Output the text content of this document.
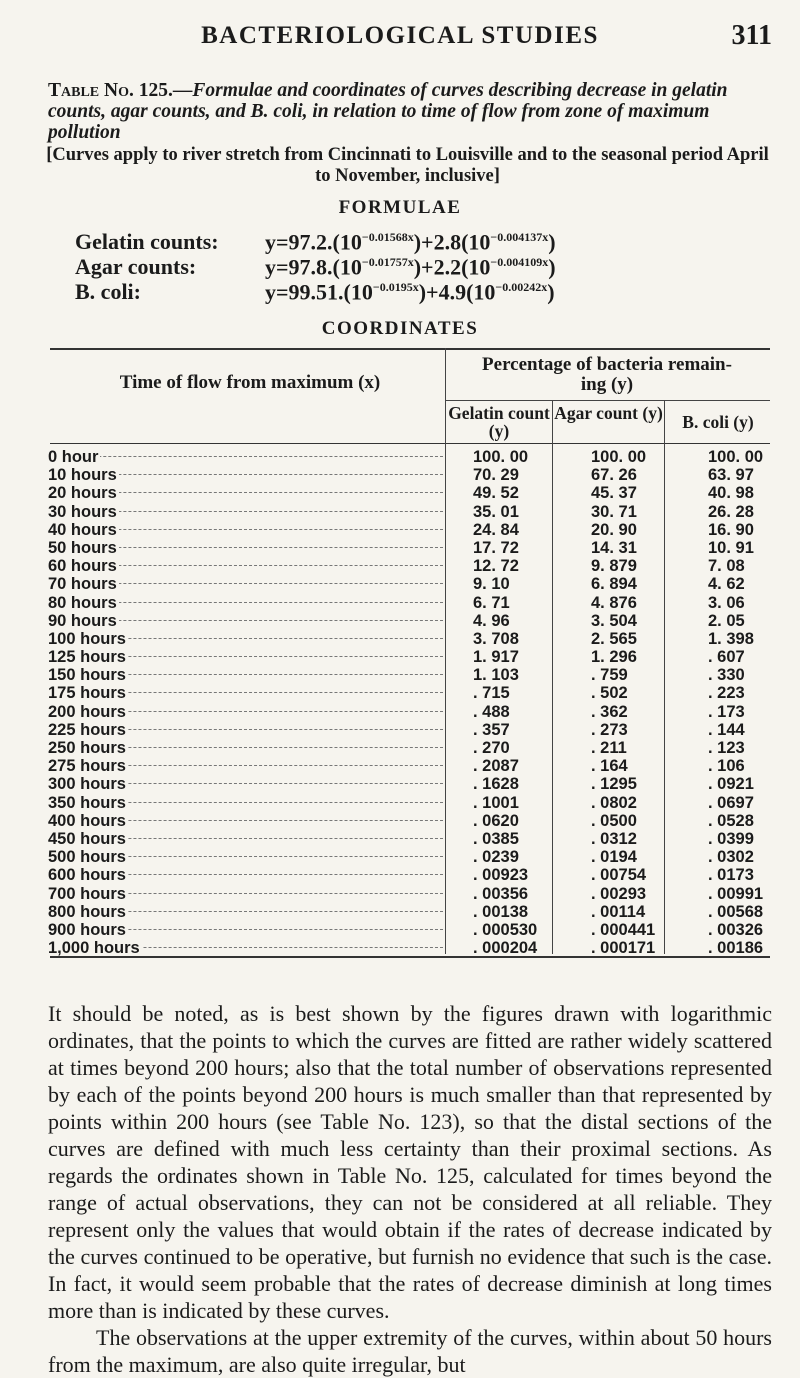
BACTERIOLOGICAL STUDIES	311
Table No. 125.—Formulae and coordinates of curves describing decrease in gelatin counts, agar counts, and B. coli, in relation to time of flow from zone of maximum pollution
[Curves apply to river stretch from Cincinnati to Louisville and to the seasonal period April to November, inclusive]
FORMULAE
Gelatin counts: $y=97.2.(10^{-0.01568x})+2.8(10^{-0.004137x})$
Agar counts:	$y=97.8.(10^{-0.01757x})+2.2(10^{-0.004109x})$
B. coli:	$y=99.51.(10^{-0.0195x})+4.9(10^{-0.00242x})$
COORDINATES
Time of flow from maximum (x)
Percentage of bacteria remain-ing (y)
Gelatin count (y)
Agar count (y)	B. coli (y)
0 hour	100. 00	100. 00	100. 00
10 hours	70. 29	67. 26	63. 97
20 hours	49. 52	45. 37	40. 98
30 hours	35. 01	30. 71	26. 28
40 hours	24. 84	20. 90	16. 90
50 hours	17. 72	14. 31	10. 91
60 hours	12. 72	9. 879	7. 08
70 hours	9. 10	6. 894	4. 62
80 hours	6. 71	4. 876	3. 06
90 hours	4. 96	3. 504	2. 05
100 hours	3. 708	2. 565	1. 398
125 hours	1. 917	1. 296	. 607
150 hours	1. 103	. 759	. 330
175 hours	. 715	. 502	. 223
200 hours	. 488	. 362	. 173
225 hours	. 357	. 273	. 144
250 hours	. 270	. 211	. 123
275 hours	. 2087	. 164	. 106
300 hours	. 1628	. 1295	. 0921
350 hours	. 1001	. 0802	. 0697
400 hours	. 0620	. 0500	. 0528
450 hours	. 0385	. 0312	. 0399
500 hours	. 0239	. 0194	. 0302
600 hours	. 00923	. 00754	. 0173
700 hours	. 00356	. 00293	. 00991
800 hours	. 00138	. 00114	. 00568
900 hours	. 000530	. 000441	. 00326
1,000 hours	. 000204	. 000171	. 00186

It should be noted, as is best shown by the figures drawn with logarithmic ordinates, that the points to which the curves are fitted are rather widely scattered at times beyond 200 hours; also that the total number of observations represented by each of the points beyond 200 hours is much smaller than that represented by points within 200 hours (see Table No. 123), so that the distal sections of the curves are defined with much less certainty than their proximal sections. As regards the ordinates shown in Table No. 125, calculated for times beyond the range of actual observations, they can not be considered at all reliable. They represent only the values that would obtain if the rates of decrease indicated by the curves continued to be operative, but furnish no evidence that such is the case. In fact, it would seem probable that the rates of decrease diminish at long times more than is indicated by these curves.

The observations at the upper extremity of the curves, within about 50 hours from the maximum, are also quite irregular, but
